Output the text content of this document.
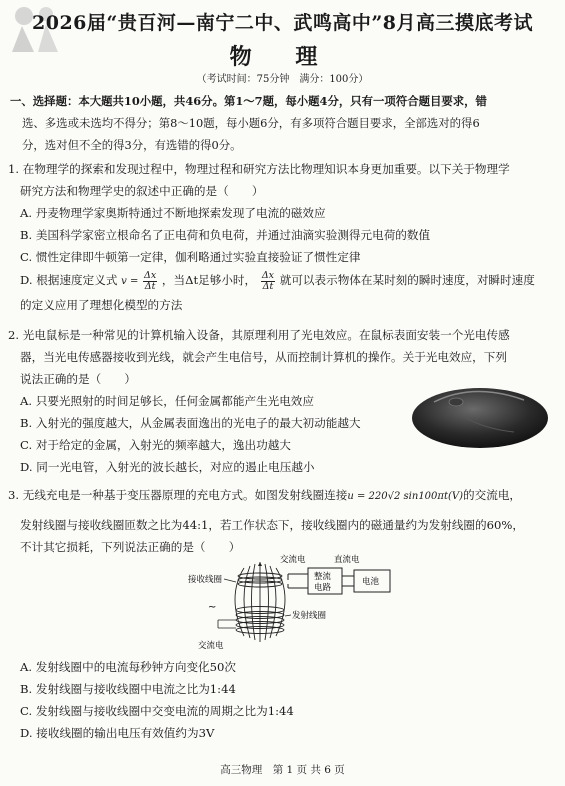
2026届“贵百河—南宁二中、武鸣高中”8月高三摸底考试
物 理
（考试时间：75分钟　满分：100分）
一、选择题：本大题共10小题，共46分。第1～7题，每小题4分，只有一项符合题目要求，错
选、多选或未选均不得分；第8～10题，每小题6分，有多项符合题目要求，全部选对的得6
分，选对但不全的得3分，有选错的得0分。
1. 在物理学的探索和发现过程中，物理过程和研究方法比物理知识本身更加重要。以下关于物理学
研究方法和物理学史的叙述中正确的是（　　）
A. 丹麦物理学家奥斯特通过不断地探索发现了电流的磁效应
B. 美国科学家密立根命名了正电荷和负电荷，并通过油滴实验测得元电荷的数值
C. 惯性定律即牛顿第一定律，伽利略通过实验直接验证了惯性定律
D. 根据速度定义式 $v = \frac{\Delta x}{\Delta t}$ ，当Δt足够小时， $\frac{\Delta x}{\Delta t}$ 就可以表示物体在某时刻的瞬时速度，对瞬时速度
的定义应用了理想化模型的方法
2. 光电鼠标是一种常见的计算机输入设备，其原理利用了光电效应。在鼠标表面安装一个光电传感
器，当光电传感器接收到光线，就会产生电信号，从而控制计算机的操作。关于光电效应，下列
说法正确的是（　　）
A. 只要光照射的时间足够长，任何金属都能产生光电效应
B. 入射光的强度越大，从金属表面逸出的光电子的最大初动能越大
C. 对于给定的金属，入射光的频率越大，逸出功越大
D. 同一光电管，入射光的波长越长，对应的遏止电压越小
3. 无线充电是一种基于变压器原理的充电方式。如图发射线圈连接u = 220√2 sin100πt(V)的交流电，
发射线圈与接收线圈匝数之比为44:1，若工作状态下，接收线圈内的磁通量约为发射线圈的60%，
不计其它损耗，下列说法正确的是（　　）
交流电	直流电
接收线圈	整流
电路
电池
~
发射线圈
交流电
A. 发射线圈中的电流每秒钟方向变化50次
B. 发射线圈与接收线圈中电流之比为1:44
C. 发射线圈与接收线圈中交变电流的周期之比为1:44
D. 接收线圈的输出电压有效值约为3V
高三物理　第 1 页 共 6 页
